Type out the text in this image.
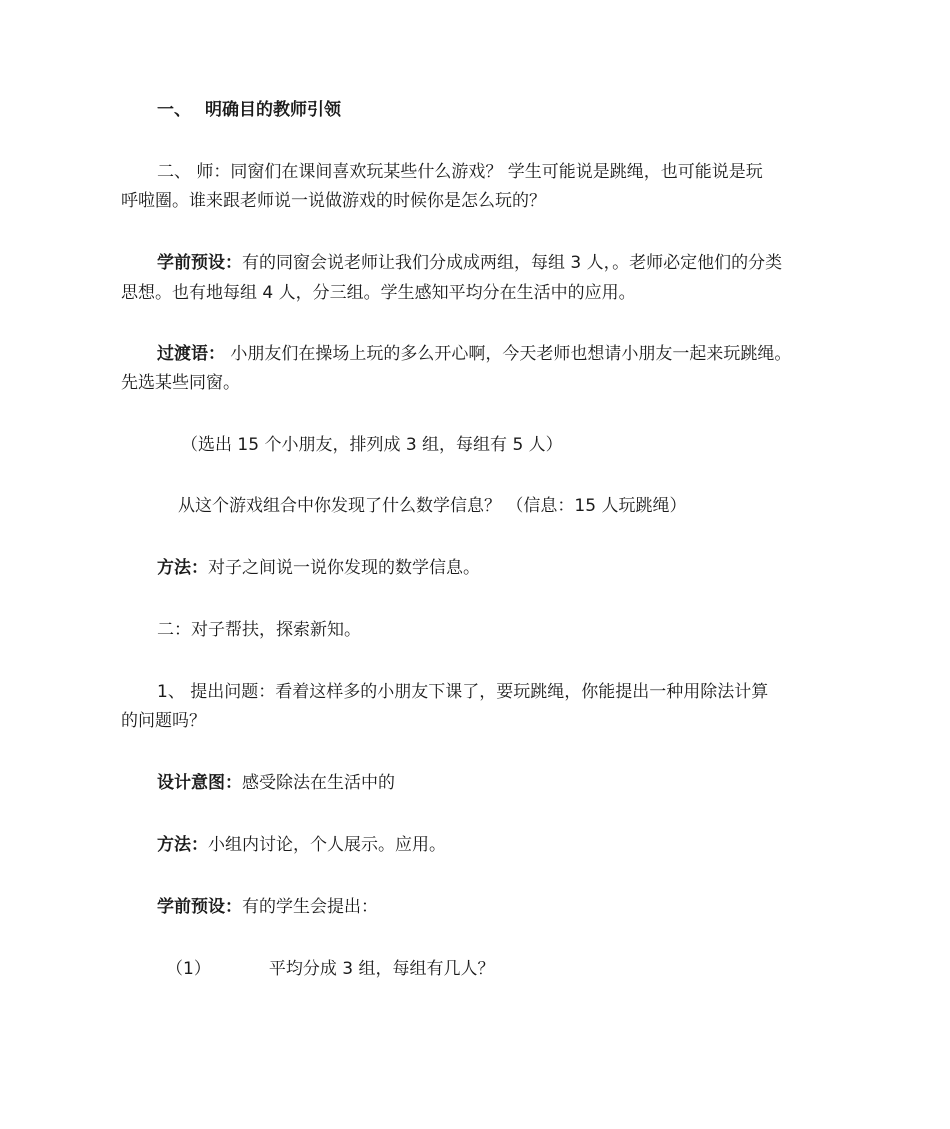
一、 明确目的教师引领
二、 师：同窗们在课间喜欢玩某些什么游戏？ 学生可能说是跳绳，也可能说是玩
呼啦圈。谁来跟老师说一说做游戏的时候你是怎么玩的？
学前预设：有的同窗会说老师让我们分成成两组，每组 3 人，。老师必定他们的分类
思想。也有地每组 4 人，分三组。学生感知平均分在生活中的应用。
过渡语： 小朋友们在操场上玩的多么开心啊，今天老师也想请小朋友一起来玩跳绳。
先选某些同窗。
（选出 15 个小朋友，排列成 3 组，每组有 5 人）
从这个游戏组合中你发现了什么数学信息？ （信息：15 人玩跳绳）
方法：对子之间说一说你发现的数学信息。
二：对子帮扶，探索新知。
1、 提出问题：看着这样多的小朋友下课了，要玩跳绳，你能提出一种用除法计算
的问题吗？
设计意图：感受除法在生活中的
方法：小组内讨论，个人展示。应用。
学前预设：有的学生会提出：
（1）	平均分成 3 组，每组有几人？
